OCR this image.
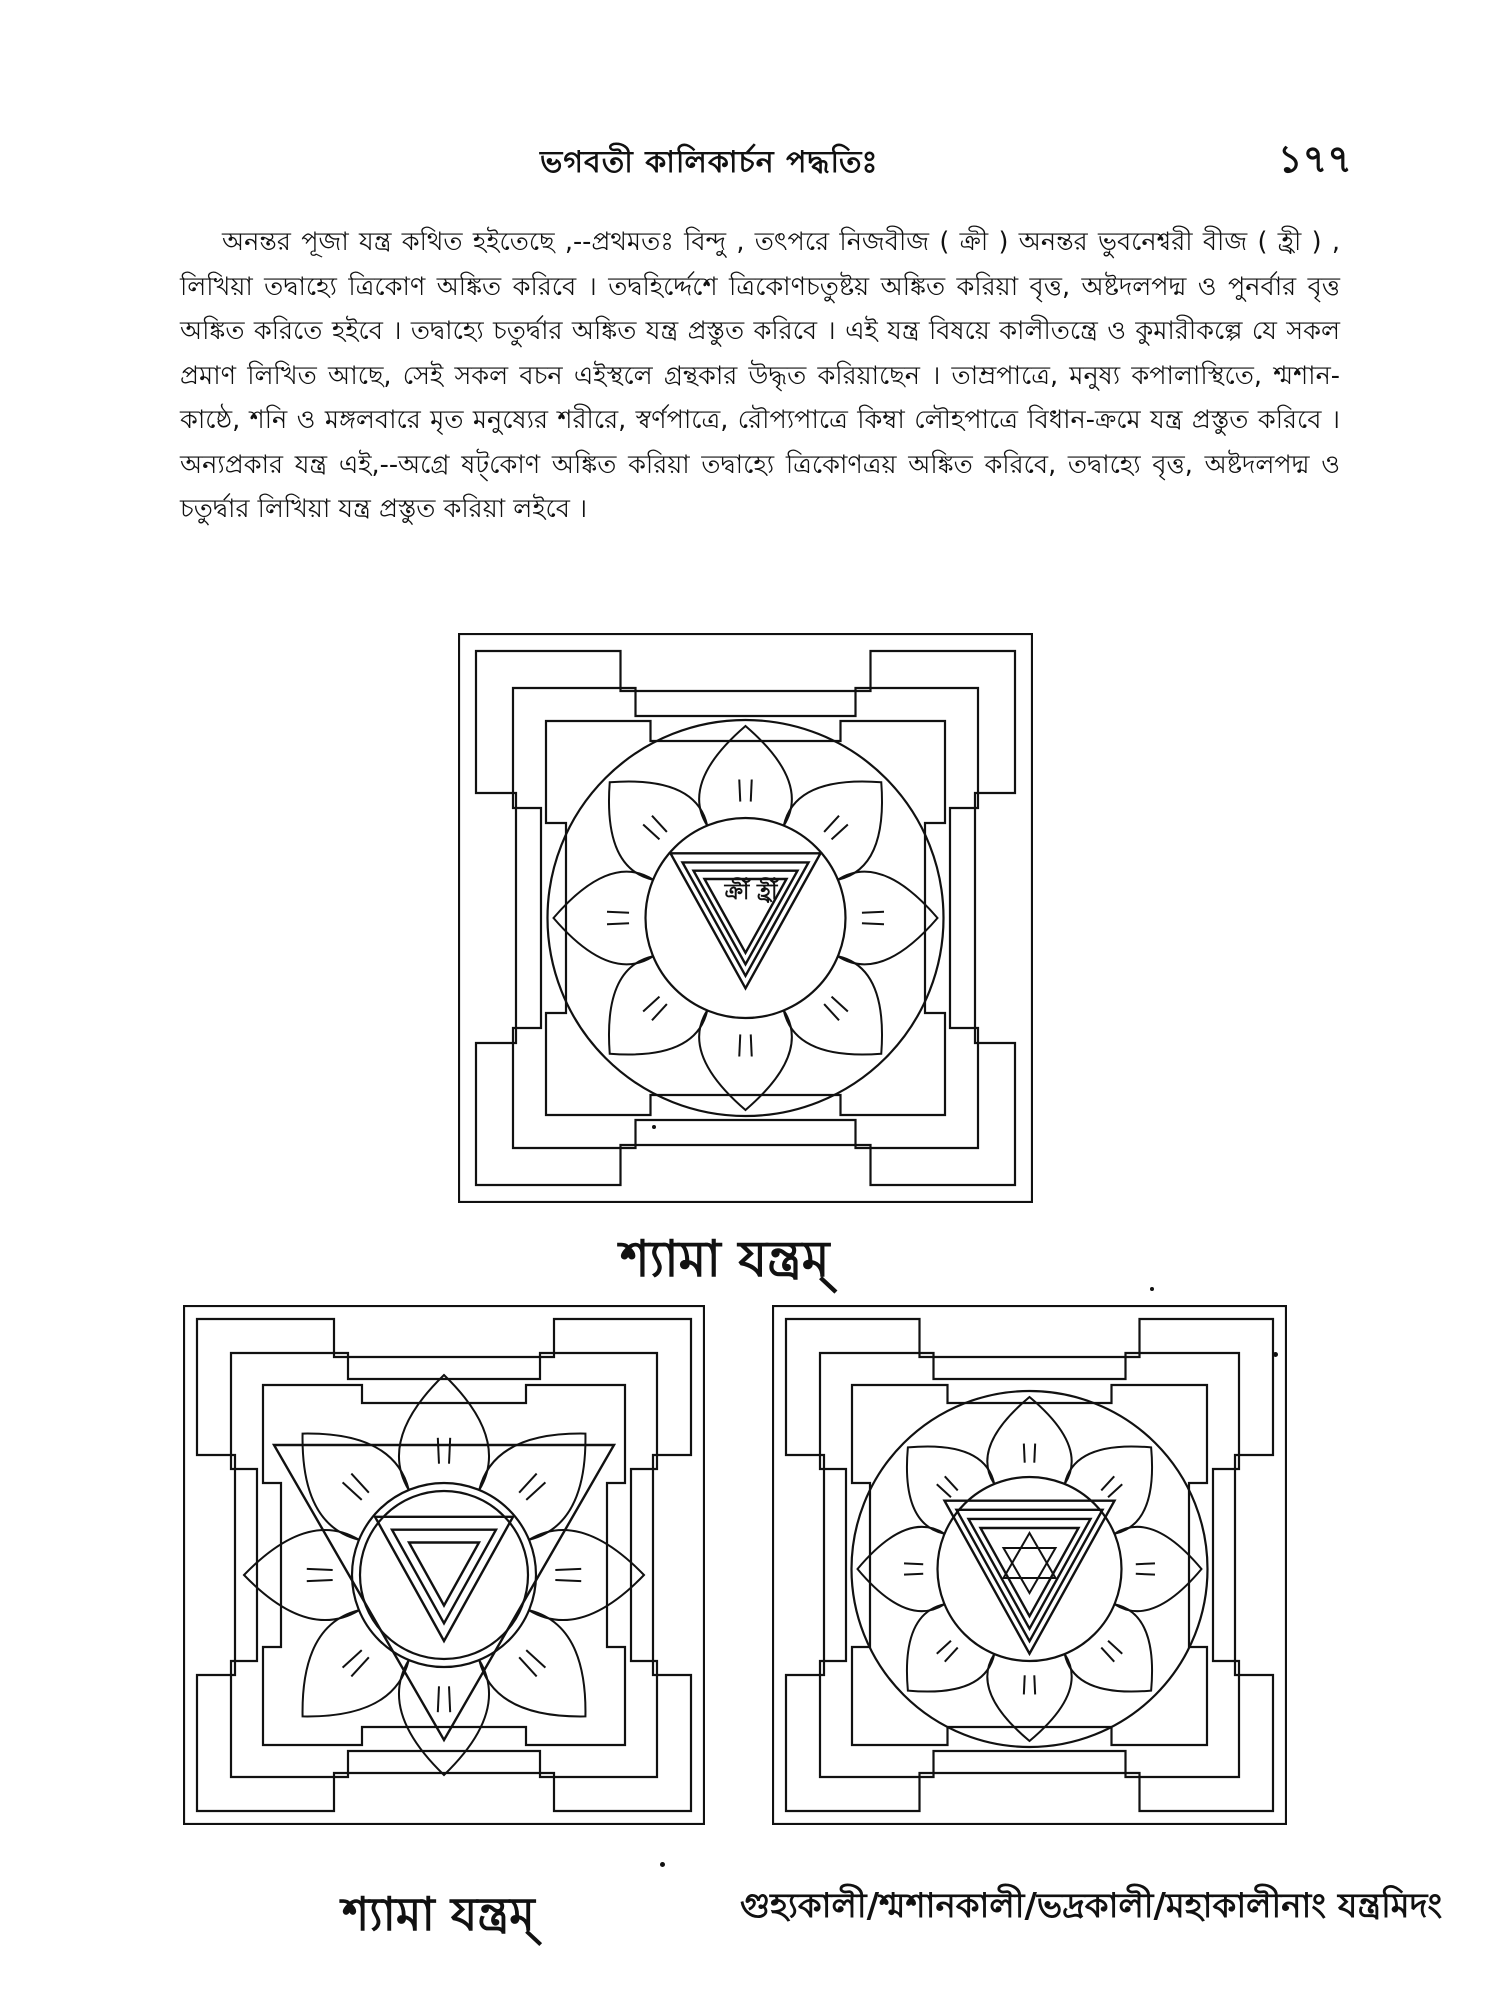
ভগবতী কালিকার্চন পদ্ধতিঃ	১৭৭

অনন্তর পূজা যন্ত্র কথিত হইতেছে ,--প্রথমতঃ বিন্দু , তৎপরে নিজবীজ ( ক্রী ) অনন্তর ভুবনেশ্বরী বীজ ( হ্রী ) , লিখিয়া তদ্বাহ্যে ত্রিকোণ অঙ্কিত করিবে । তদ্বহির্দ্দেশে ত্রিকোণচতুষ্টয় অঙ্কিত করিয়া বৃত্ত, অষ্টদলপদ্ম ও পুনর্বার বৃত্ত অঙ্কিত করিতে হইবে । তদ্বাহ্যে চতুর্দ্বার অঙ্কিত যন্ত্র প্রস্তুত করিবে । এই যন্ত্র বিষয়ে কালীতন্ত্রে ও কুমারীকল্পে যে সকল প্রমাণ লিখিত আছে, সেই সকল বচন এইস্থলে গ্রন্থকার উদ্ধৃত করিয়াছেন । তাম্রপাত্রে, মনুষ্য কপালাস্থিতে, শ্মশান-কাষ্ঠে, শনি ও মঙ্গলবারে মৃত মনুষ্যের শরীরে, স্বর্ণপাত্রে, রৌপ্যপাত্রে কিম্বা লৌহপাত্রে বিধান-ক্রমে যন্ত্র প্রস্তুত করিবে । অন্যপ্রকার যন্ত্র এই,--অগ্রে ষট্‌কোণ অঙ্কিত করিয়া তদ্বাহ্যে ত্রিকোণত্রয় অঙ্কিত করিবে, তদ্বাহ্যে বৃত্ত, অষ্টদলপদ্ম ও চতুর্দ্বার লিখিয়া যন্ত্র প্রস্তুত করিয়া লইবে ।

ক্রীঁ হ্রীঁ
শ্যামা যন্ত্রম্
শ্যামা যন্ত্রম্	গুহ্যকালী/শ্মশানকালী/ভদ্রকালী/মহাকালীনাং যন্ত্রমিদং
